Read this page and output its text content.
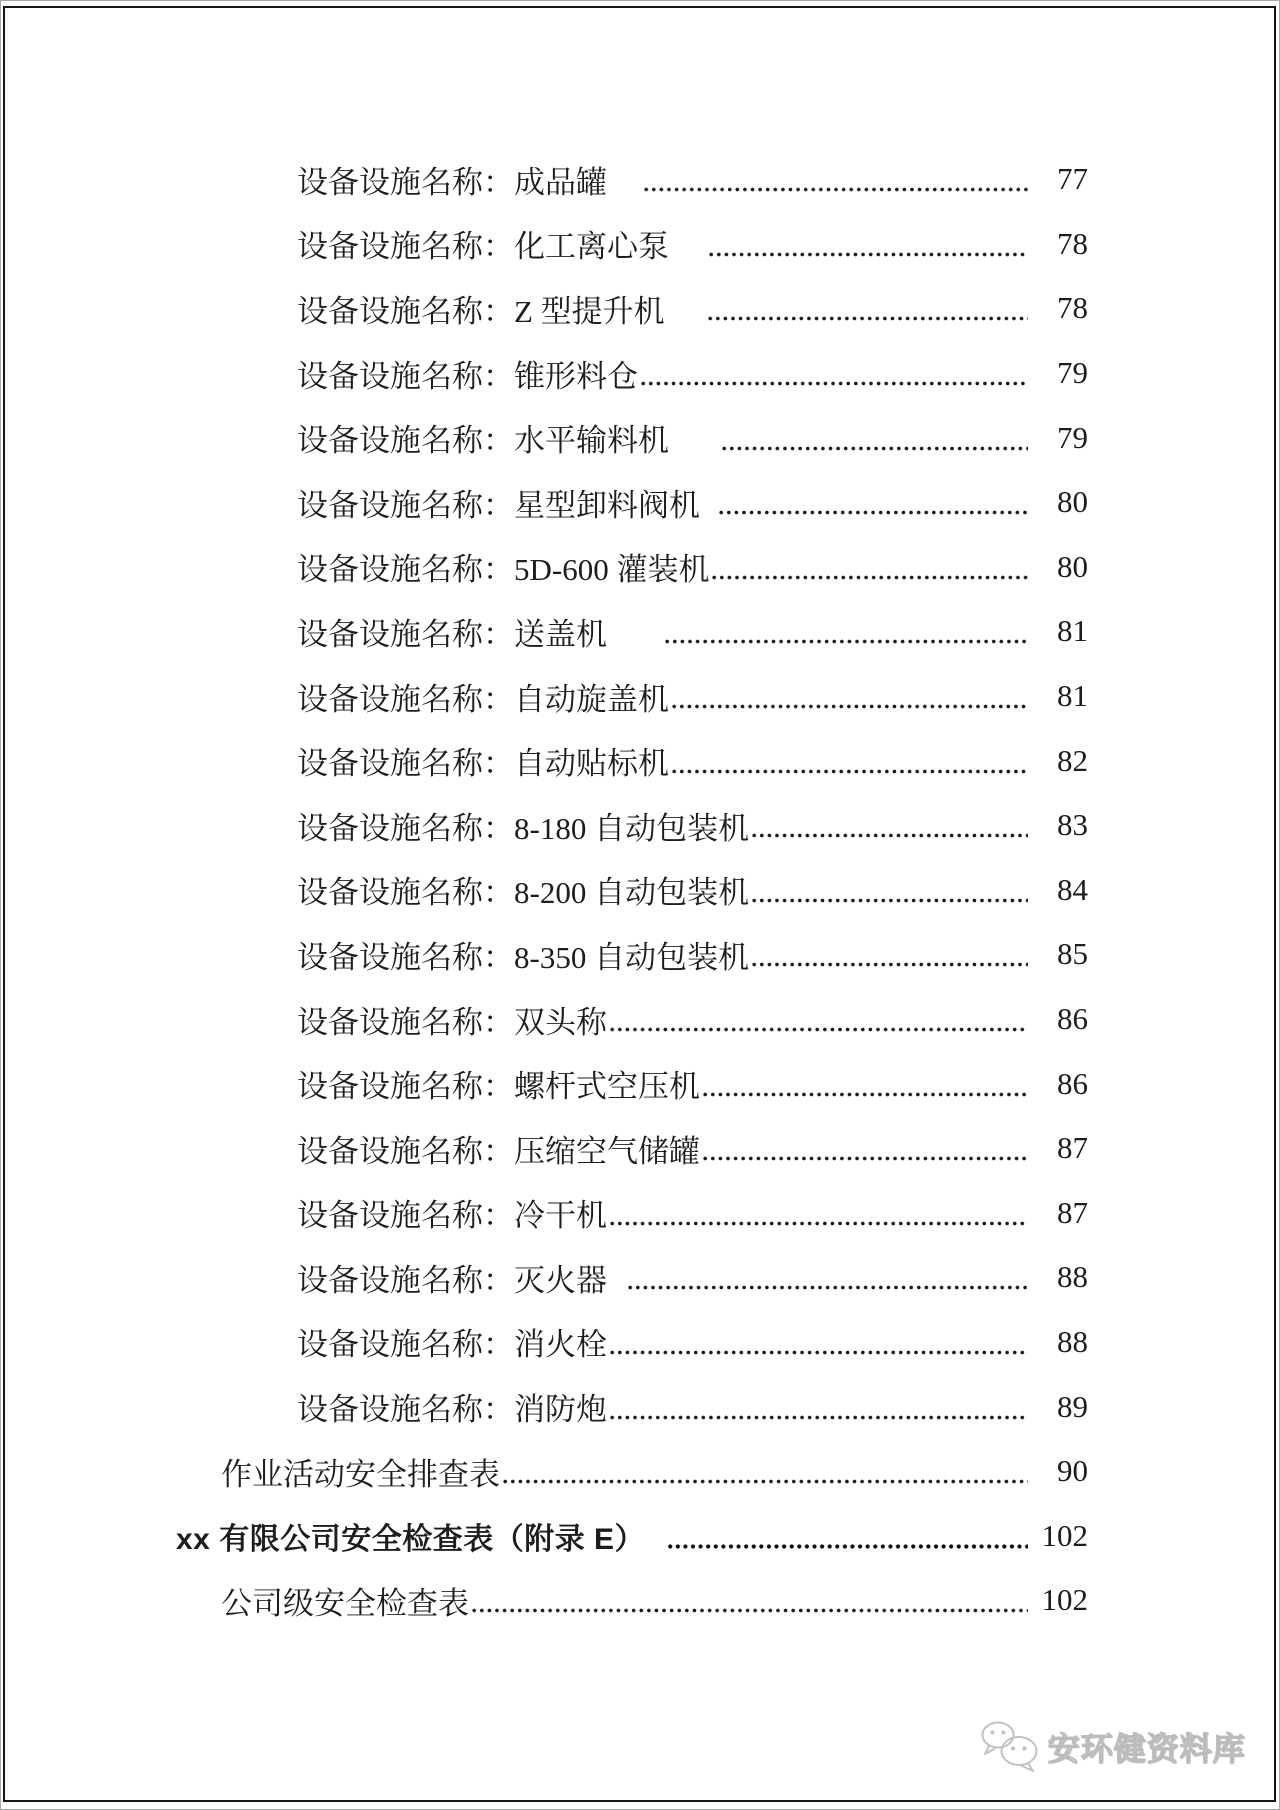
设备设施名称：成品罐	77
设备设施名称：化工离心泵	78
设备设施名称：Z 型提升机	78
设备设施名称：锥形料仓	79
设备设施名称：水平输料机	79
设备设施名称：星型卸料阀机	80
设备设施名称：5D-600 灌装机	80
设备设施名称：送盖机	81
设备设施名称：自动旋盖机	81
设备设施名称：自动贴标机	82
设备设施名称：8-180 自动包装机	83
设备设施名称：8-200 自动包装机	84
设备设施名称：8-350 自动包装机	85
设备设施名称：双头称	86
设备设施名称：螺杆式空压机	86
设备设施名称：压缩空气储罐	87
设备设施名称：冷干机	87
设备设施名称：灭火器	88
设备设施名称：消火栓	88
设备设施名称：消防炮	89
作业活动安全排查表	90
xx 有限公司安全检查表（附录 E）	102
公司级安全检查表	102
安环健资料库
